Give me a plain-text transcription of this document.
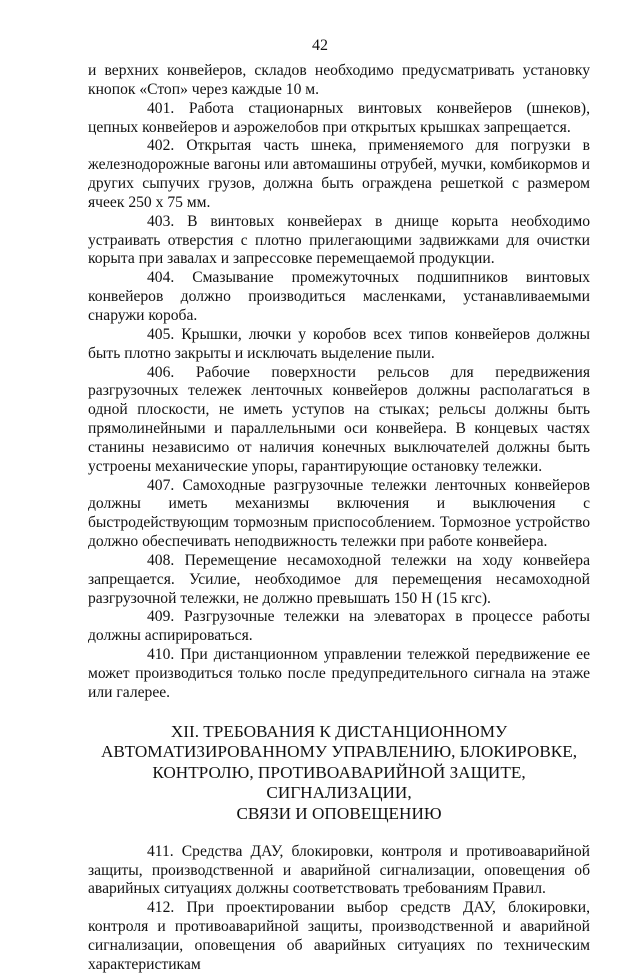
42

и верхних конвейеров, складов необходимо предусматривать установку кнопок «Стоп» через каждые 10 м.

401. Работа стационарных винтовых конвейеров (шнеков), цепных конвейеров и аэрожелобов при открытых крышках запрещается.

402. Открытая часть шнека, применяемого для погрузки в железнодорожные вагоны или автомашины отрубей, мучки, комбикормов и других сыпучих грузов, должна быть ограждена решеткой с размером ячеек 250 х 75 мм.

403. В винтовых конвейерах в днище корыта необходимо устраивать отверстия с плотно прилегающими задвижками для очистки корыта при завалах и запрессовке перемещаемой продукции.

404. Смазывание промежуточных подшипников винтовых конвейеров должно производиться масленками, устанавливаемыми снаружи короба.

405. Крышки, лючки у коробов всех типов конвейеров должны быть плотно закрыты и исключать выделение пыли.

406. Рабочие поверхности рельсов для передвижения разгрузочных тележек ленточных конвейеров должны располагаться в одной плоскости, не иметь уступов на стыках; рельсы должны быть прямолинейными и параллельными оси конвейера. В концевых частях станины независимо от наличия конечных выключателей должны быть устроены механические упоры, гарантирующие остановку тележки.

407. Самоходные разгрузочные тележки ленточных конвейеров должны иметь механизмы включения и выключения с быстродействующим тормозным приспособлением. Тормозное устройство должно обеспечивать неподвижность тележки при работе конвейера.

408. Перемещение несамоходной тележки на ходу конвейера запрещается. Усилие, необходимое для перемещения несамоходной разгрузочной тележки, не должно превышать 150 Н (15 кгс).

409. Разгрузочные тележки на элеваторах в процессе работы должны аспирироваться.

410. При дистанционном управлении тележкой передвижение ее может производиться только после предупредительного сигнала на этаже или галерее.

XII. ТРЕБОВАНИЯ К ДИСТАНЦИОННОМУ
АВТОМАТИЗИРОВАННОМУ УПРАВЛЕНИЮ, БЛОКИРОВКЕ,
КОНТРОЛЮ, ПРОТИВОАВАРИЙНОЙ ЗАЩИТЕ, СИГНАЛИЗАЦИИ,
СВЯЗИ И ОПОВЕЩЕНИЮ

411. Средства ДАУ, блокировки, контроля и противоаварийной защиты, производственной и аварийной сигнализации, оповещения об аварийных ситуациях должны соответствовать требованиям Правил.

412. При проектировании выбор средств ДАУ, блокировки, контроля и противоаварийной защиты, производственной и аварийной сигнализации, оповещения об аварийных ситуациях по техническим характеристикам
